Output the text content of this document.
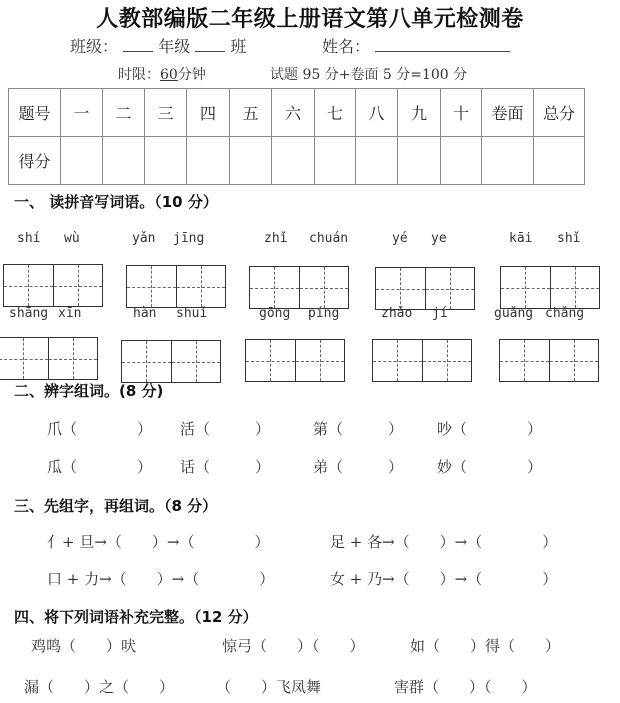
人教部编版二年级上册语文第八单元检测卷
班级：	年级	班	姓名：
时限：60分钟	试题 95 分+卷面 5 分=100 分
题号	一	二	三	四	五	六	七	八	九	十	卷面	总分
得分												
一、 读拼音写词语。（10 分）
shí wù	yǎn jīng	zhǐ chuán	yé ye	kāi shǐ
shāng xīn	hàn shuǐ	gōng píng	zhǎo jí	guǎng chǎng
二、辨字组词。(8 分)
爪（　　　　） 活（　　　）	第（　　　） 吵（　　　　）
瓜（　　　　） 话（　　　）	弟（　　　） 妙（　　　　）
三、先组字，再组词。（8 分）
亻+ 旦→（　　）→（　　　　）	足 + 各→（　　）→（　　　　）
口 + 力→（　　）→（　　　　）	女 + 乃→（　　）→（　　　　）
四、将下列词语补充完整。（12 分）
鸡鸣（　　）吠	惊弓（　　）（　　）	如（　　）得（　　）
漏（　　）之（　　）	（　　）飞凤舞	害群（　　）（　　）
